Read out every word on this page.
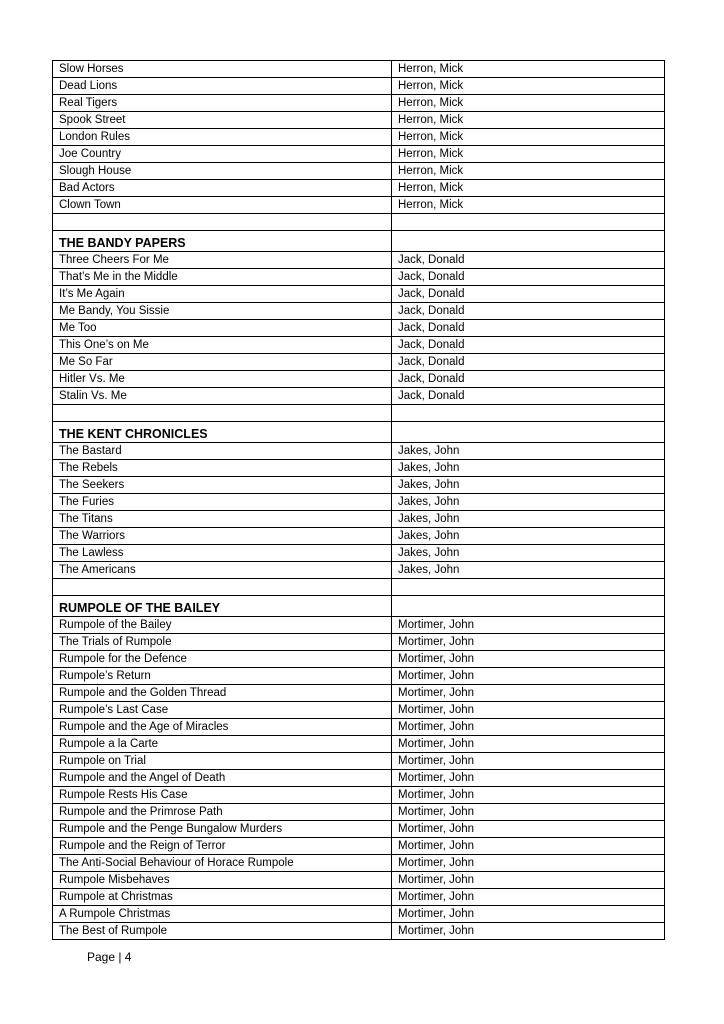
Slow Horses	Herron, Mick
Dead Lions	Herron, Mick
Real Tigers	Herron, Mick
Spook Street	Herron, Mick
London Rules	Herron, Mick
Joe Country	Herron, Mick
Slough House	Herron, Mick
Bad Actors	Herron, Mick
Clown Town	Herron, Mick

THE BANDY PAPERS	
Three Cheers For Me	Jack, Donald
That’s Me in the Middle	Jack, Donald
It’s Me Again	Jack, Donald
Me Bandy, You Sissie	Jack, Donald
Me Too	Jack, Donald
This One’s on Me	Jack, Donald
Me So Far	Jack, Donald
Hitler Vs. Me	Jack, Donald
Stalin Vs. Me	Jack, Donald

THE KENT CHRONICLES	
The Bastard	Jakes, John
The Rebels	Jakes, John
The Seekers	Jakes, John
The Furies	Jakes, John
The Titans	Jakes, John
The Warriors	Jakes, John
The Lawless	Jakes, John
The Americans	Jakes, John

RUMPOLE OF THE BAILEY	
Rumpole of the Bailey	Mortimer, John
The Trials of Rumpole	Mortimer, John
Rumpole for the Defence	Mortimer, John
Rumpole’s Return	Mortimer, John
Rumpole and the Golden Thread	Mortimer, John
Rumpole’s Last Case	Mortimer, John
Rumpole and the Age of Miracles	Mortimer, John
Rumpole a la Carte	Mortimer, John
Rumpole on Trial	Mortimer, John
Rumpole and the Angel of Death	Mortimer, John
Rumpole Rests His Case	Mortimer, John
Rumpole and the Primrose Path	Mortimer, John
Rumpole and the Penge Bungalow Murders	Mortimer, John
Rumpole and the Reign of Terror	Mortimer, John
The Anti-Social Behaviour of Horace Rumpole	Mortimer, John
Rumpole Misbehaves	Mortimer, John
Rumpole at Christmas	Mortimer, John
A Rumpole Christmas	Mortimer, John
The Best of Rumpole	Mortimer, John
Page | 4
